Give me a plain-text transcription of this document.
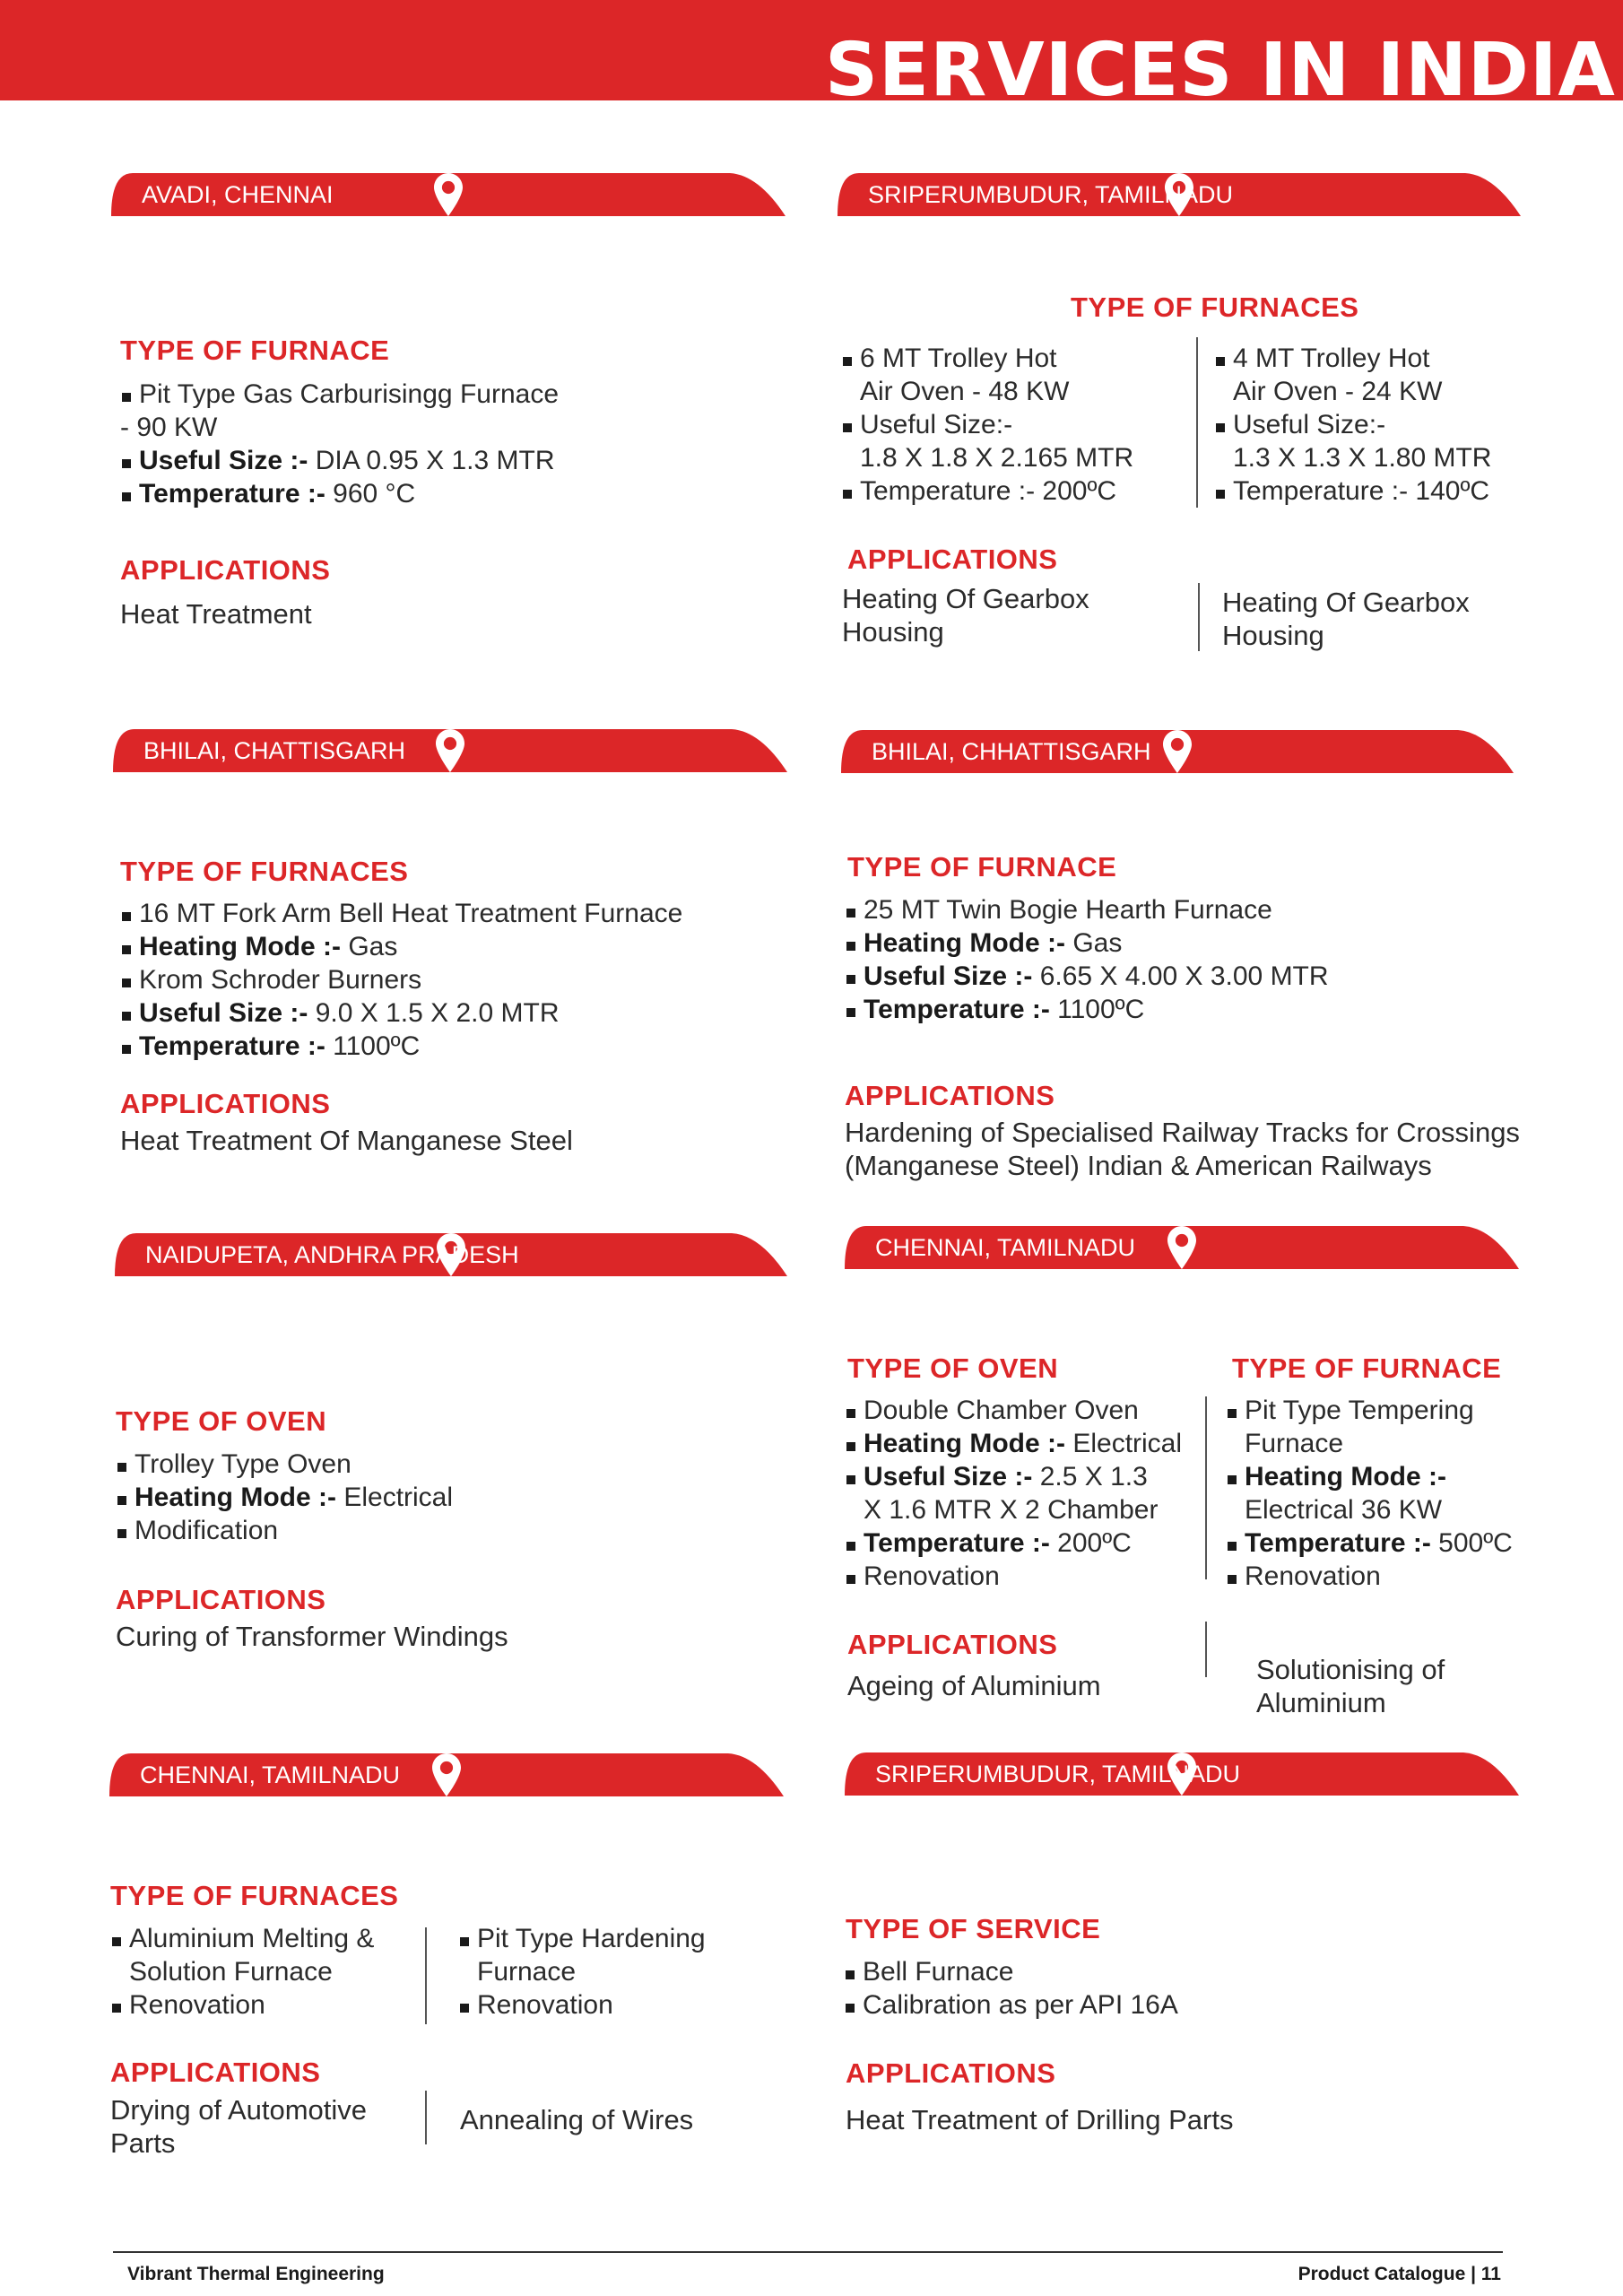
SERVICES IN INDIA
AVADI, CHENNAI	SRIPERUMBUDUR, TAMILNADU
BHILAI, CHATTISGARH	BHILAI, CHHATTISGARH
NAIDUPETA, ANDHRA PRADESH	CHENNAI, TAMILNADU
CHENNAI, TAMILNADU	SRIPERUMBUDUR, TAMILNADU
TYPE OF FURNACE
Pit Type Gas Carburisingg Furnace
- 90 KW
Useful Size :- DIA 0.95 X 1.3 MTR
Temperature :- 960 °C
APPLICATIONS

Heat Treatment

TYPE OF FURNACES
6 MT Trolley Hot
Air Oven - 48 KW
Useful Size:-
1.8 X 1.8 X 2.165 MTR
Temperature :- 200ºC
4 MT Trolley Hot
Air Oven - 24 KW
Useful Size:-
1.3 X 1.3 X 1.80 MTR
Temperature :- 140ºC
APPLICATIONS

Heating Of Gearbox
Housing

Heating Of Gearbox
Housing

TYPE OF FURNACES
16 MT Fork Arm Bell Heat Treatment Furnace
Heating Mode :- Gas
Krom Schroder Burners
Useful Size :- 9.0 X 1.5 X 2.0 MTR
Temperature :- 1100ºC
APPLICATIONS

Heat Treatment Of Manganese Steel

TYPE OF FURNACE
25 MT Twin Bogie Hearth Furnace
Heating Mode :- Gas
Useful Size :- 6.65 X 4.00 X 3.00 MTR
Temperature :- 1100ºC
APPLICATIONS

Hardening of Specialised Railway Tracks for Crossings
(Manganese Steel) Indian & American Railways

TYPE OF OVEN
Trolley Type Oven
Heating Mode :- Electrical
Modification
APPLICATIONS

Curing of Transformer Windings

TYPE OF OVEN
Double Chamber Oven
Heating Mode :- Electrical
Useful Size :- 2.5 X 1.3
X 1.6 MTR X 2 Chamber
Temperature :- 200ºC
Renovation
TYPE OF FURNACE
Pit Type Tempering
Furnace
Heating Mode :-
Electrical 36 KW
Temperature :- 500ºC
Renovation
APPLICATIONS

Ageing of Aluminium

Solutionising of
Aluminium

TYPE OF FURNACES
Aluminium Melting &
Solution Furnace
Renovation
Pit Type Hardening
Furnace
Renovation
APPLICATIONS

Drying of Automotive
Parts

Annealing of Wires

TYPE OF SERVICE
Bell Furnace
Calibration as per API 16A
APPLICATIONS

Heat Treatment of Drilling Parts

Vibrant Thermal Engineering	Product Catalogue | 11
